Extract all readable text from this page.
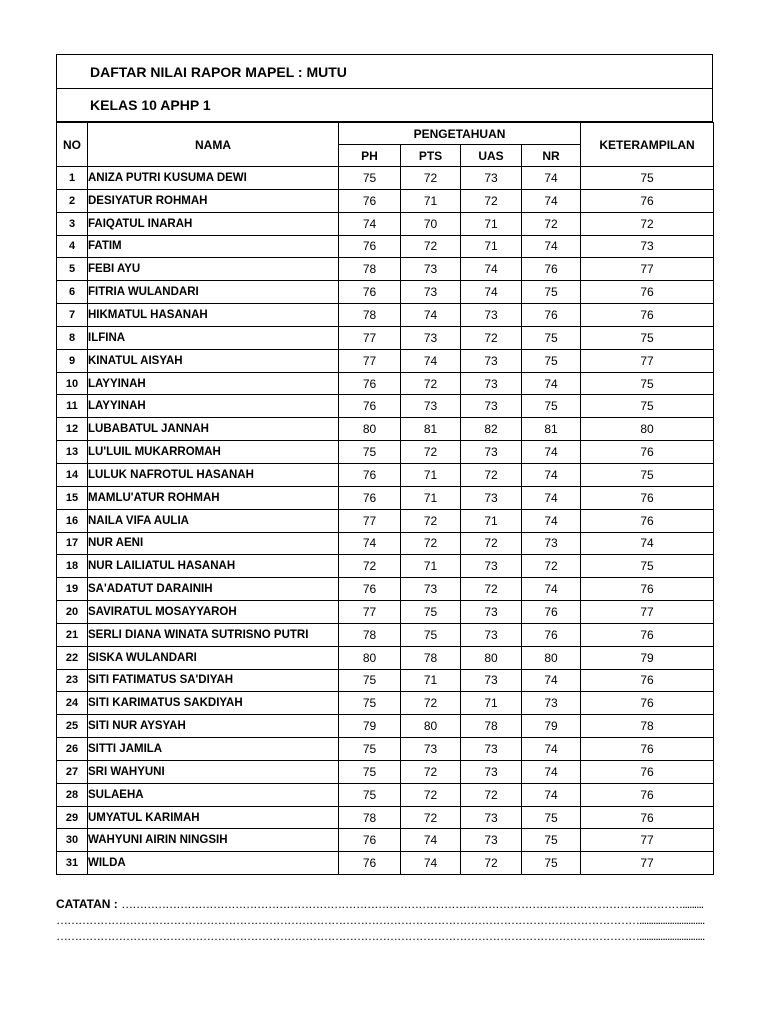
DAFTAR NILAI RAPOR MAPEL : MUTU
KELAS 10 APHP 1
NO	NAMA	PENGETAHUAN				KETERAMPILAN
		PH	PTS	UAS	NR	
1	ANIZA PUTRI KUSUMA DEWI	75	72	73	74	75
2	DESIYATUR ROHMAH	76	71	72	74	76
3	FAIQATUL INARAH	74	70	71	72	72
4	FATIM	76	72	71	74	73
5	FEBI AYU	78	73	74	76	77
6	FITRIA WULANDARI	76	73	74	75	76
7	HIKMATUL HASANAH	78	74	73	76	76
8	ILFINA	77	73	72	75	75
9	KINATUL AISYAH	77	74	73	75	77
10	LAYYINAH	76	72	73	74	75
11	LAYYINAH	76	73	73	75	75
12	LUBABATUL JANNAH	80	81	82	81	80
13	LU'LUIL MUKARROMAH	75	72	73	74	76
14	LULUK NAFROTUL HASANAH	76	71	72	74	75
15	MAMLU'ATUR ROHMAH	76	71	73	74	76
16	NAILA VIFA AULIA	77	72	71	74	76
17	NUR AENI	74	72	72	73	74
18	NUR LAILIATUL HASANAH	72	71	73	72	75
19	SA'ADATUT DARAINIH	76	73	72	74	76
20	SAVIRATUL MOSAYYAROH	77	75	73	76	77
21	SERLI DIANA WINATA SUTRISNO PUTRI	78	75	73	76	76
22	SISKA WULANDARI	80	78	80	80	79
23	SITI FATIMATUS SA'DIYAH	75	71	73	74	76
24	SITI KARIMATUS SAKDIYAH	75	72	71	73	76
25	SITI NUR AYSYAH	79	80	78	79	78
26	SITTI JAMILA	75	73	73	74	76
27	SRI WAHYUNI	75	72	73	74	76
28	SULAEHA	75	72	72	74	76
29	UMYATUL KARIMAH	78	72	73	75	76
30	WAHYUNI AIRIN NINGSIH	76	74	73	75	77
31	WILDA	76	74	72	75	77
CATATAN : ……………………………………………………………………………………………………………………………………….........
……………………………………………………………………………………………………………………………………………............................
……………………………………………………………………………………………………………………………………………............................
